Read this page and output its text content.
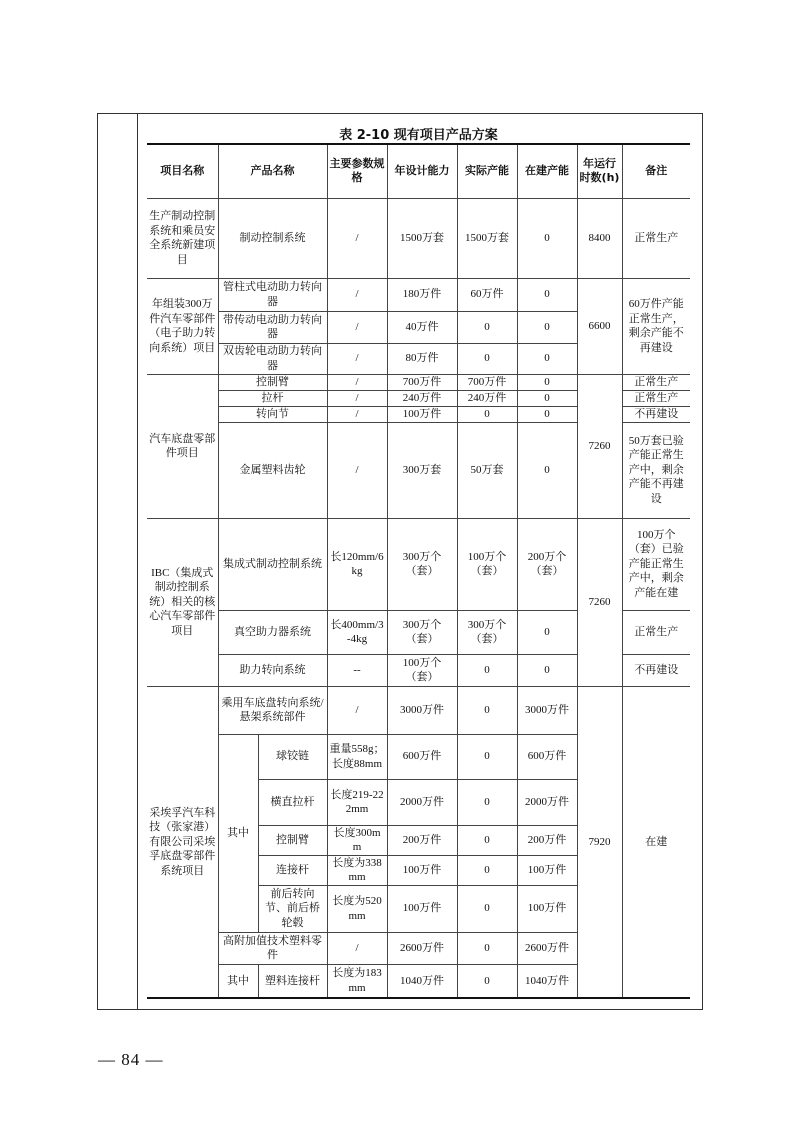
表 2-10 现有项目产品方案
项目名称	产品名称		主要参数规格	年设计能力	实际产能	在建产能	年运行时数(h)	备注
生产制动控制系统和乘员安全系统新建项目	制动控制系统		/	1500万套	1500万套	0	8400	正常生产
年组装300万件汽车零部件（电子助力转向系统）项目	管柱式电动助力转向器		/	180万件	60万件	0	6600	60万件产能正常生产，剩余产能不再建设
	带传动电动助力转向器		/	40万件	0	0		
	双齿轮电动助力转向器		/	80万件	0	0		
汽车底盘零部件项目	控制臂		/	700万件	700万件	0	7260	正常生产
	拉杆		/	240万件	240万件	0		正常生产
	转向节		/	100万件	0	0		不再建设
	金属塑料齿轮		/	300万套	50万套	0		50万套已验产能正常生产中，剩余产能不再建设
IBC（集成式制动控制系统）相关的核心汽车零部件项目	集成式制动控制系统		长120mm/6kg	300万个（套）	100万个（套）	200万个（套）	7260	100万个（套）已验产能正常生产中，剩余产能在建
	真空助力器系统		长400mm/3-4kg	300万个（套）	300万个（套）	0		正常生产
	助力转向系统		--	100万个（套）	0	0		不再建设
采埃孚汽车科技（张家港）有限公司采埃孚底盘零部件系统项目	乘用车底盘转向系统/悬架系统部件		/	3000万件	0	3000万件	7920	在建
	其中	球铰链	重量558g；长度88mm	600万件	0	600万件		
		横直拉杆	长度219-222mm	2000万件	0	2000万件		
		控制臂	长度300mm	200万件	0	200万件		
		连接杆	长度为338mm	100万件	0	100万件		
		前后转向节、前后桥轮毂	长度为520mm	100万件	0	100万件		
	高附加值技术塑料零件		/	2600万件	0	2600万件		
	其中	塑料连接杆	长度为183mm	1040万件	0	1040万件		
— 84 —
